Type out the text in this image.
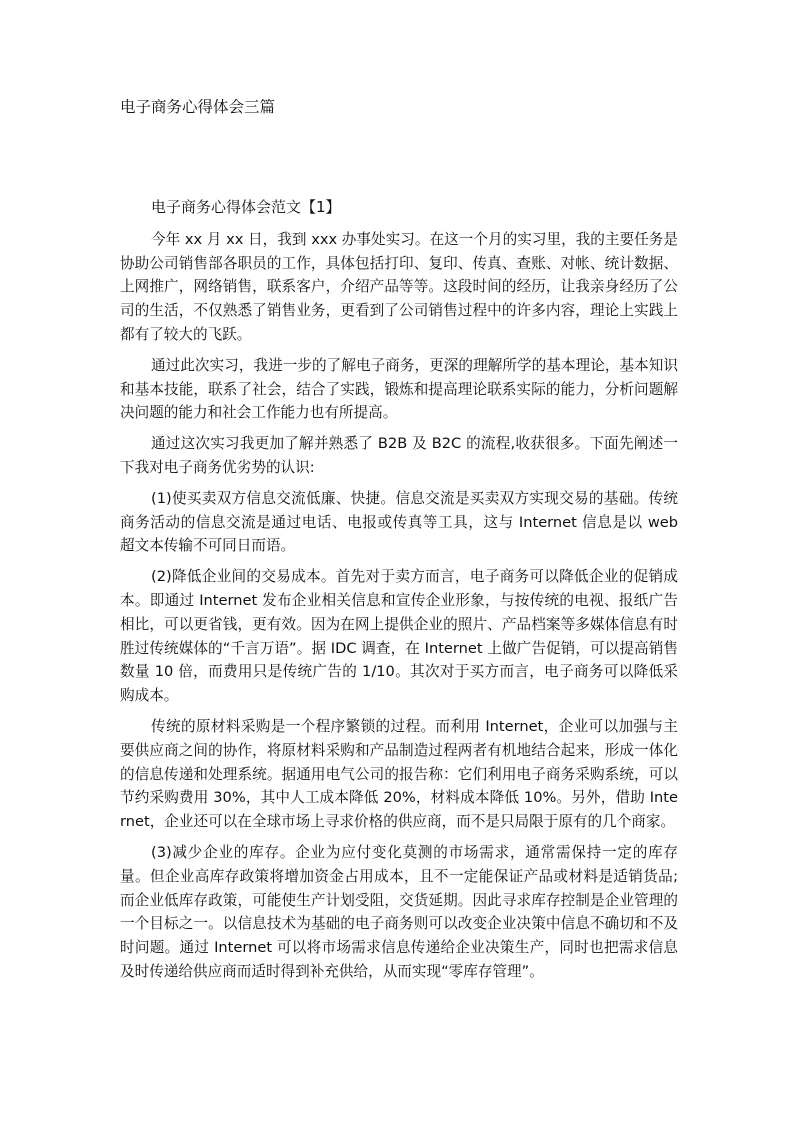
电子商务心得体会三篇
电子商务心得体会范文【1】

今年 xx 月 xx 日，我到 xxx 办事处实习。在这一个月的实习里，我的主要任务是协助公司销售部各职员的工作，具体包括打印、复印、传真、查账、对帐、统计数据、上网推广，网络销售，联系客户，介绍产品等等。这段时间的经历，让我亲身经历了公司的生活，不仅熟悉了销售业务，更看到了公司销售过程中的许多内容，理论上实践上都有了较大的飞跃。

通过此次实习，我进一步的了解电子商务，更深的理解所学的基本理论，基本知识和基本技能，联系了社会，结合了实践，锻炼和提高理论联系实际的能力，分析问题解决问题的能力和社会工作能力也有所提高。

通过这次实习我更加了解并熟悉了 B2B 及 B2C 的流程,收获很多。下面先阐述一下我对电子商务优劣势的认识:

(1)使买卖双方信息交流低廉、快捷。信息交流是买卖双方实现交易的基础。传统商务活动的信息交流是通过电话、电报或传真等工具，这与 Internet 信息是以 web 超文本传输不可同日而语。

(2)降低企业间的交易成本。首先对于卖方而言，电子商务可以降低企业的促销成本。即通过 Internet 发布企业相关信息和宣传企业形象，与按传统的电视、报纸广告相比，可以更省钱，更有效。因为在网上提供企业的照片、产品档案等多媒体信息有时胜过传统媒体的“千言万语”。据 IDC 调查，在 Internet 上做广告促销，可以提高销售数量 10 倍，而费用只是传统广告的 1/10。其次对于买方而言，电子商务可以降低采购成本。

传统的原材料采购是一个程序繁锁的过程。而利用 Internet，企业可以加强与主要供应商之间的协作，将原材料采购和产品制造过程两者有机地结合起来，形成一体化的信息传递和处理系统。据通用电气公司的报告称：它们利用电子商务采购系统，可以节约采购费用 30%，其中人工成本降低 20%，材料成本降低 10%。另外，借助 Internet，企业还可以在全球市场上寻求价格的供应商，而不是只局限于原有的几个商家。

(3)减少企业的库存。企业为应付变化莫测的市场需求，通常需保持一定的库存量。但企业高库存政策将增加资金占用成本，且不一定能保证产品或材料是适销货品;而企业低库存政策，可能使生产计划受阻，交货延期。因此寻求库存控制是企业管理的一个目标之一。以信息技术为基础的电子商务则可以改变企业决策中信息不确切和不及时问题。通过 Internet 可以将市场需求信息传递给企业决策生产，同时也把需求信息及时传递给供应商而适时得到补充供给，从而实现“零库存管理”。
